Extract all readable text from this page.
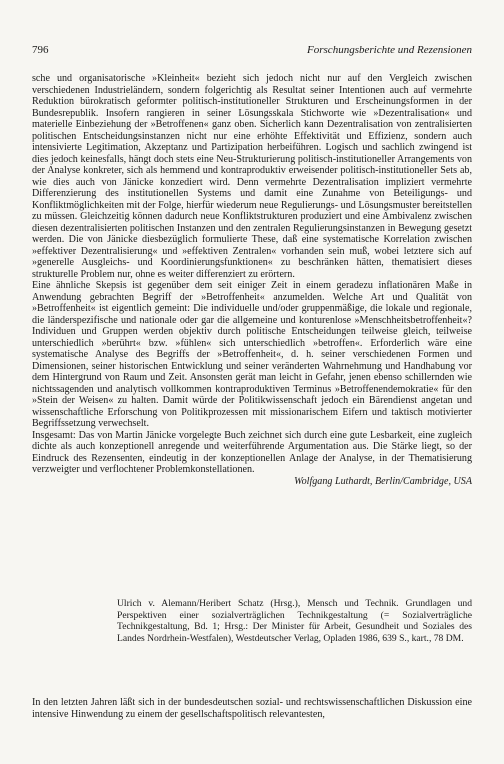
796	Forschungsberichte und Rezensionen

sche und organisatorische »Kleinheit« bezieht sich jedoch nicht nur auf den Vergleich zwischen verschiedenen Industrieländern, sondern folgerichtig als Resultat seiner Intentionen auch auf vermehrte Reduktion bürokratisch geformter politisch-institutioneller Strukturen und Erscheinungsformen in der Bundesrepublik. Insofern rangieren in seiner Lösungsskala Stichworte wie »Dezentralisation« und materielle Einbeziehung der »Betroffenen« ganz oben. Sicherlich kann Dezentralisation von zentralisierten politischen Entscheidungsinstanzen nicht nur eine erhöhte Effektivität und Effizienz, sondern auch intensivierte Legitimation, Akzeptanz und Partizipation herbeiführen. Logisch und sachlich zwingend ist dies jedoch keinesfalls, hängt doch stets eine Neu-Strukturierung politisch-institutioneller Arrangements von der Analyse konkreter, sich als hemmend und kontraproduktiv erweisender politisch-institutioneller Sets ab, wie dies auch von Jänicke konzediert wird. Denn vermehrte Dezentralisation impliziert vermehrte Differenzierung des institutionellen Systems und damit eine Zunahme von Beteiligungs- und Konfliktmöglichkeiten mit der Folge, hierfür wiederum neue Regulierungs- und Lösungsmuster bereitstellen zu müssen. Gleichzeitig können dadurch neue Konfliktstrukturen produziert und eine Ambivalenz zwischen diesen dezentralisierten politischen Instanzen und den zentralen Regulierungsinstanzen in Bewegung gesetzt werden. Die von Jänicke diesbezüglich formulierte These, daß eine systematische Korrelation zwischen »effektiver Dezentralisierung« und »effektiven Zentralen« vorhanden sein muß, wobei letztere sich auf »generelle Ausgleichs- und Koordinierungsfunktionen« zu beschränken hätten, thematisiert dieses strukturelle Problem nur, ohne es weiter differenziert zu erörtern.

Eine ähnliche Skepsis ist gegenüber dem seit einiger Zeit in einem geradezu inflationären Maße in Anwendung gebrachten Begriff der »Betroffenheit« anzumelden. Welche Art und Qualität von »Betroffenheit« ist eigentlich gemeint: Die individuelle und/oder gruppenmäßige, die lokale und regionale, die länderspezifische und nationale oder gar die allgemeine und konturenlose »Menschheitsbetroffenheit«? Individuen und Gruppen werden objektiv durch politische Entscheidungen teilweise gleich, teilweise unterschiedlich »berührt« bzw. »fühlen« sich unterschiedlich »betroffen«. Erforderlich wäre eine systematische Analyse des Begriffs der »Betroffenheit«, d. h. seiner verschiedenen Formen und Dimensionen, seiner historischen Entwicklung und seiner veränderten Wahrnehmung und Handhabung vor dem Hintergrund von Raum und Zeit. Ansonsten gerät man leicht in Gefahr, jenen ebenso schillernden wie nichtssagenden und analytisch vollkommen kontraproduktiven Terminus »Betroffenendemokratie« für den »Stein der Weisen« zu halten. Damit würde der Politikwissenschaft jedoch ein Bärendienst angetan und wissenschaftliche Erforschung von Politikprozessen mit missionarischem Eifern und taktisch motivierter Begriffssetzung verwechselt.

Insgesamt: Das von Martin Jänicke vorgelegte Buch zeichnet sich durch eine gute Lesbarkeit, eine zugleich dichte als auch konzeptionell anregende und weiterführende Argumentation aus. Die Stärke liegt, so der Eindruck des Rezensenten, eindeutig in der konzeptionellen Anlage der Analyse, in der Thematisierung verzweigter und verflochtener Problemkonstellationen.

Wolfgang Luthardt, Berlin/Cambridge, USA

Ulrich v. Alemann/Heribert Schatz (Hrsg.), Mensch und Technik. Grundlagen und Perspektiven einer sozialverträglichen Technikgestaltung (= Sozialverträgliche Technikgestaltung, Bd. 1; Hrsg.: Der Minister für Arbeit, Gesundheit und Soziales des Landes Nordrhein-Westfalen), Westdeutscher Verlag, Opladen 1986, 639 S., kart., 78 DM.
In den letzten Jahren läßt sich in der bundesdeutschen sozial- und rechtswissenschaftlichen Diskussion eine intensive Hinwendung zu einem der gesellschaftspolitisch relevantesten,
